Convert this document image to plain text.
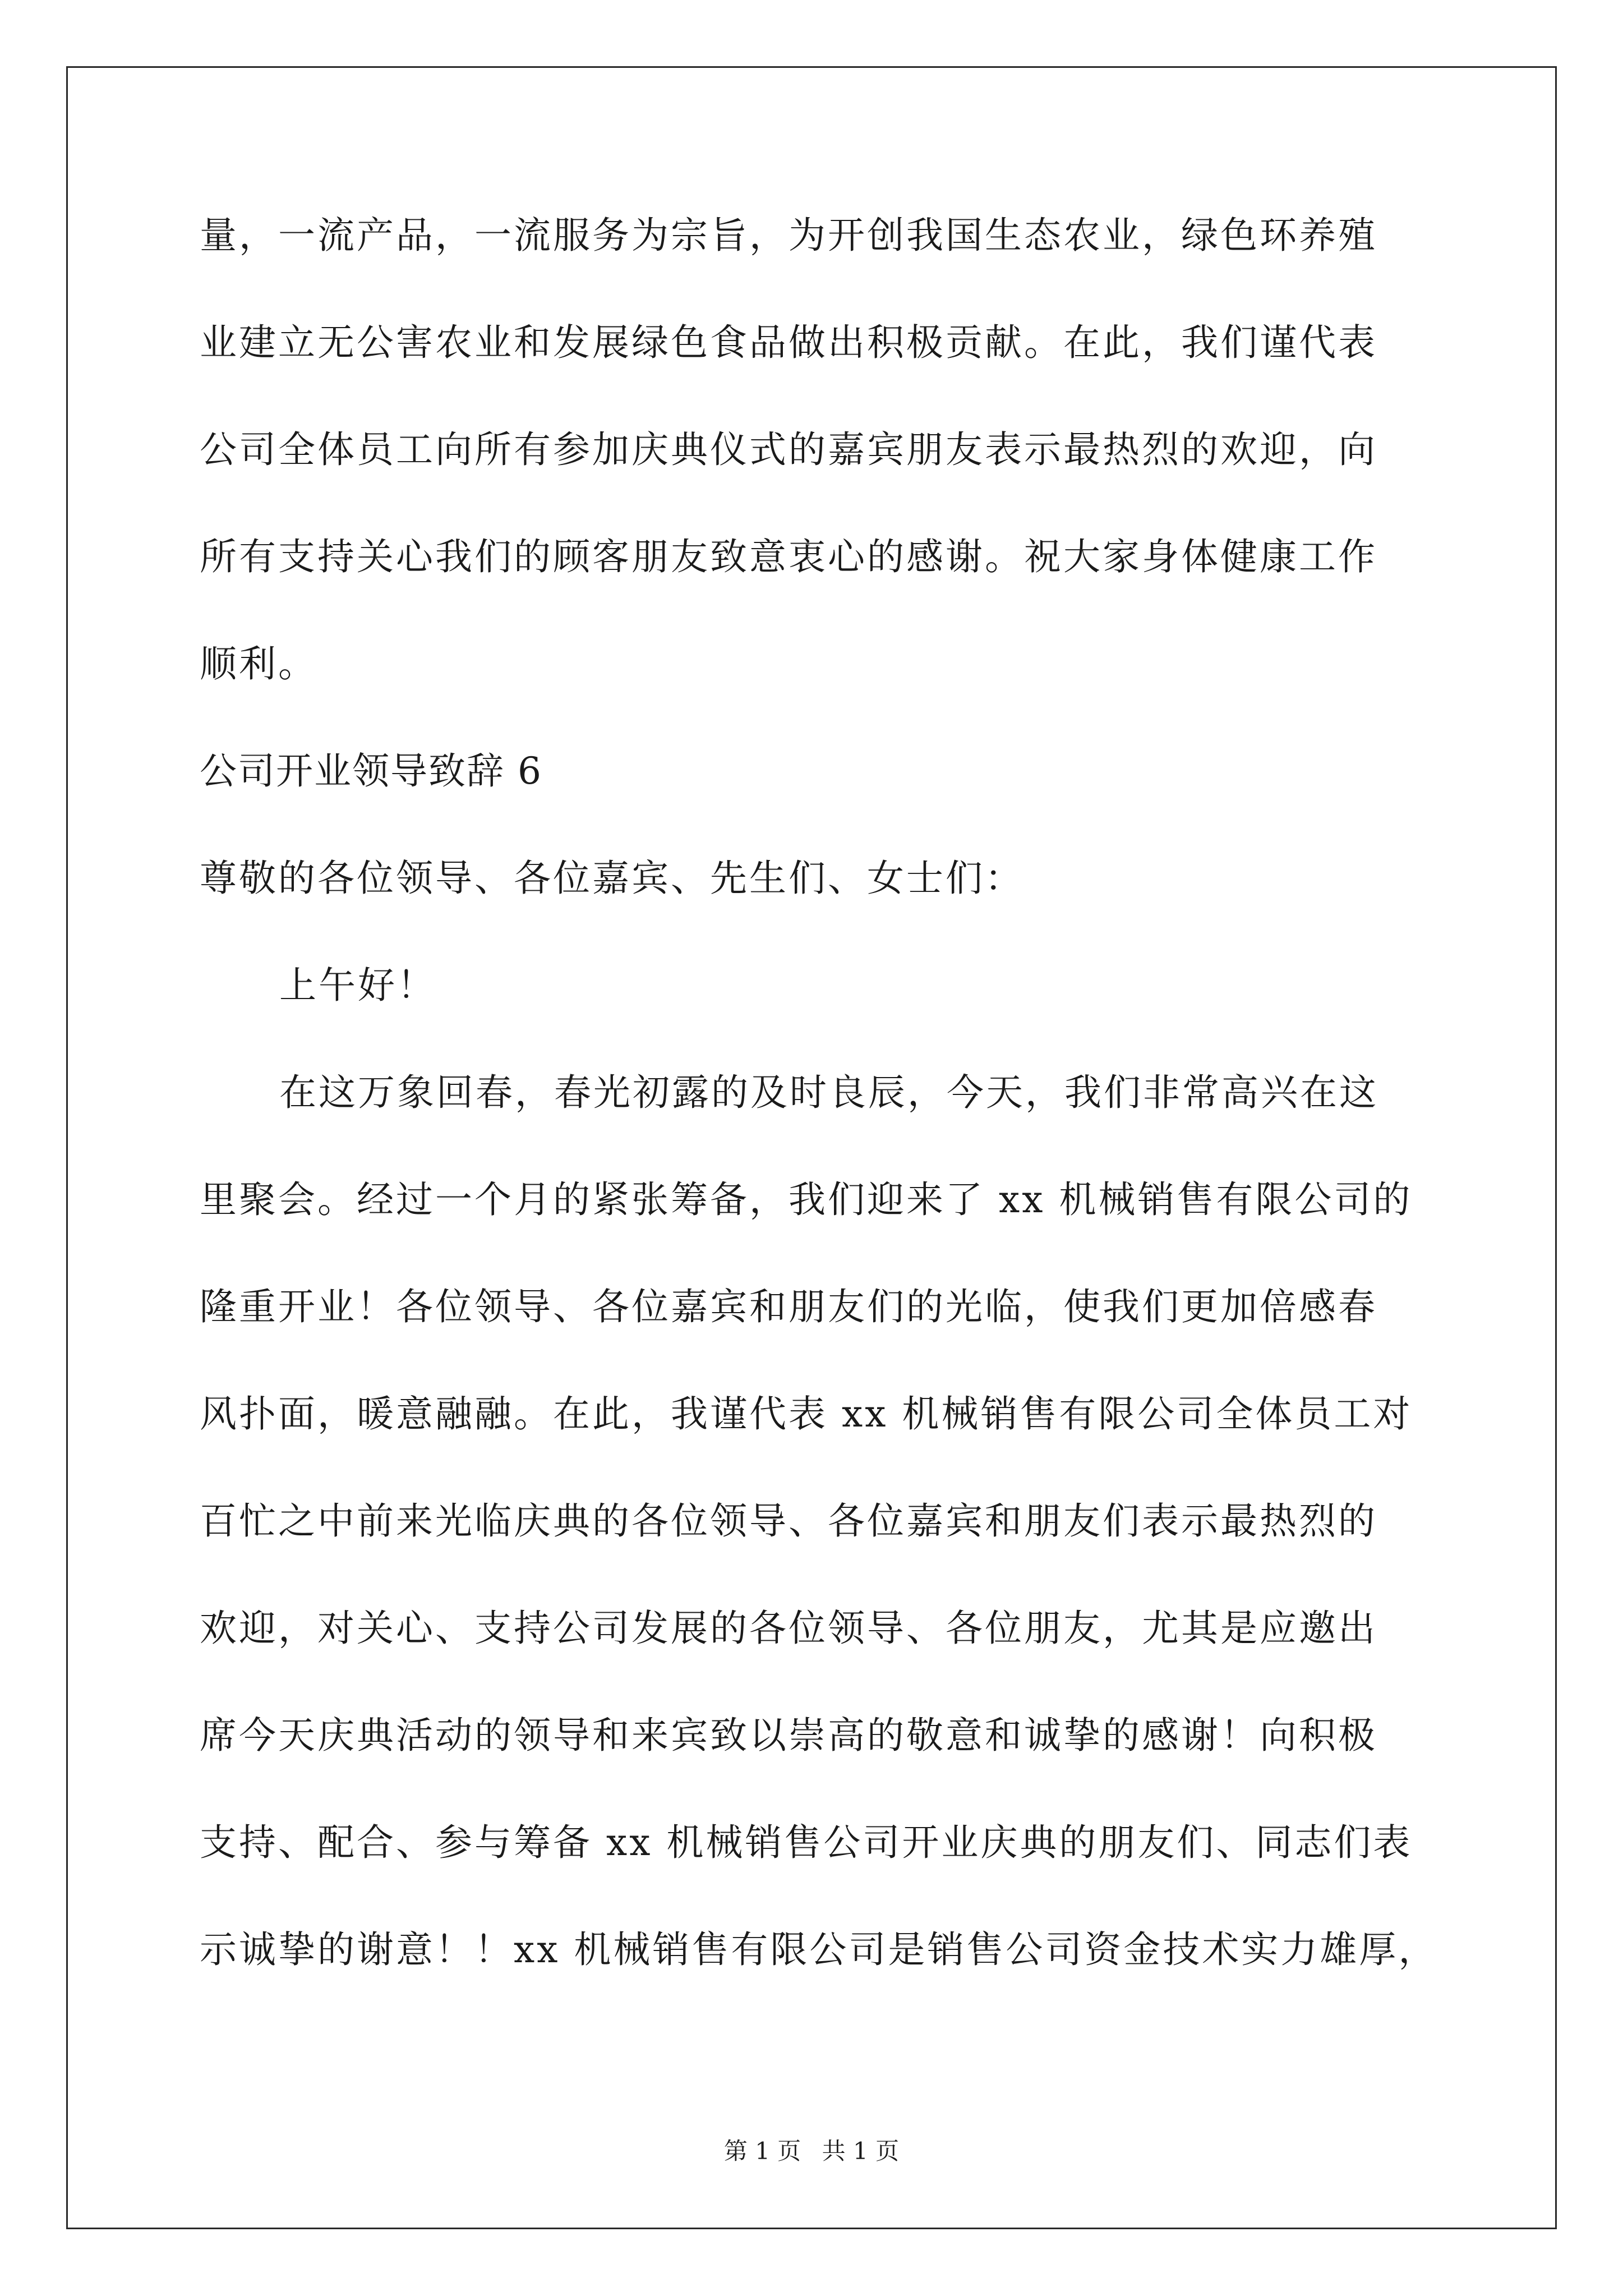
量，一流产品，一流服务为宗旨，为开创我国生态农业，绿色环养殖
业建立无公害农业和发展绿色食品做出积极贡献。在此，我们谨代表
公司全体员工向所有参加庆典仪式的嘉宾朋友表示最热烈的欢迎，向
所有支持关心我们的顾客朋友致意衷心的感谢。祝大家身体健康工作
顺利。
公司开业领导致辞 6
尊敬的各位领导、各位嘉宾、先生们、女士们：
上午好！
在这万象回春，春光初露的及时良辰，今天，我们非常高兴在这
里聚会。经过一个月的紧张筹备，我们迎来了 xx 机械销售有限公司的
隆重开业！各位领导、各位嘉宾和朋友们的光临，使我们更加倍感春
风扑面，暖意融融。在此，我谨代表 xx 机械销售有限公司全体员工对
百忙之中前来光临庆典的各位领导、各位嘉宾和朋友们表示最热烈的
欢迎，对关心、支持公司发展的各位领导、各位朋友，尤其是应邀出
席今天庆典活动的领导和来宾致以崇高的敬意和诚挚的感谢！向积极
支持、配合、参与筹备 xx 机械销售公司开业庆典的朋友们、同志们表
示诚挚的谢意！！xx 机械销售有限公司是销售公司资金技术实力雄厚，
第 1 页 共 1 页
